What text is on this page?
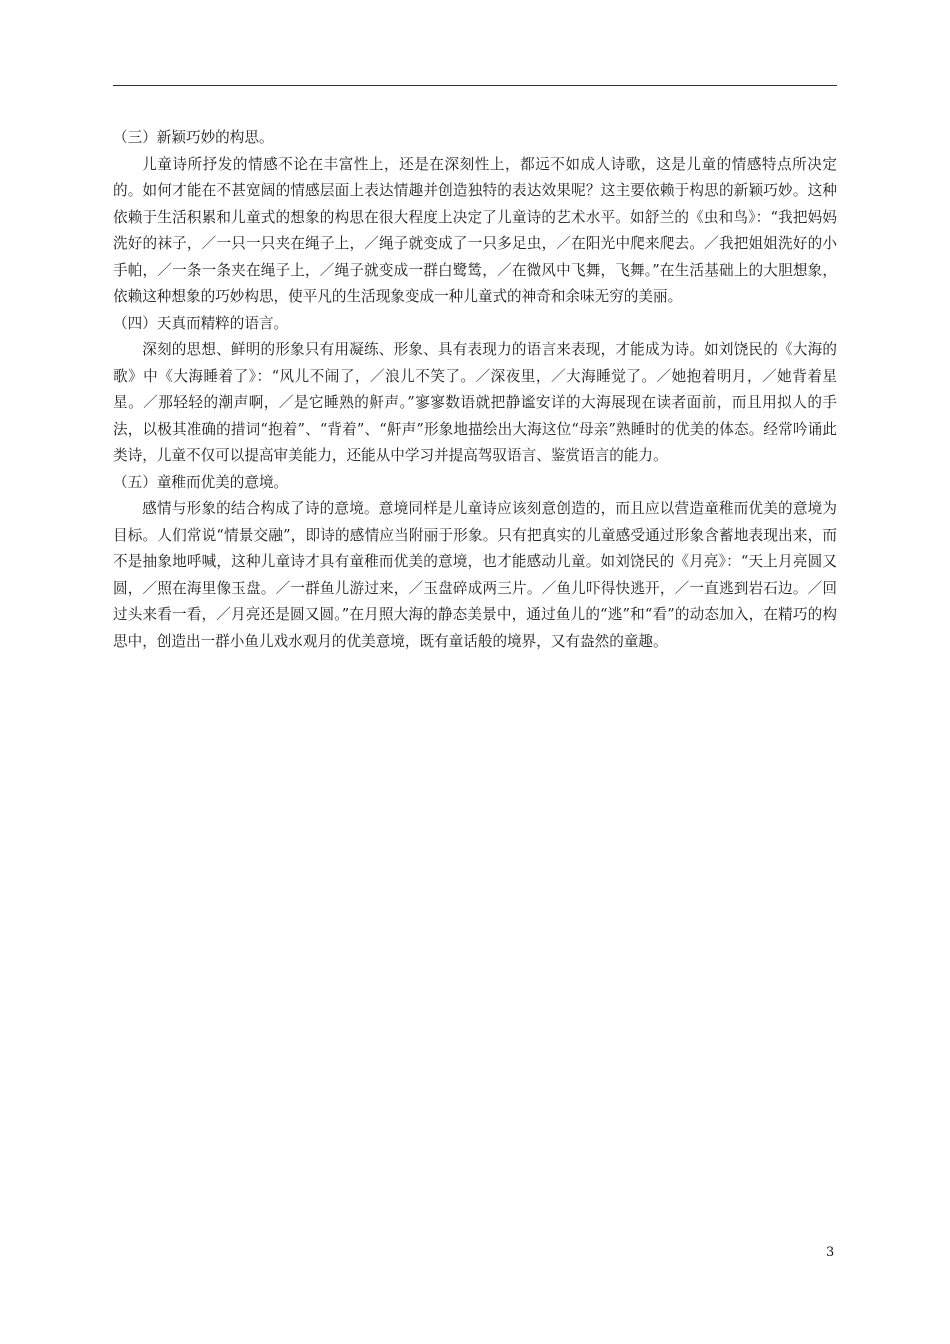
（三）新颖巧妙的构思。

儿童诗所抒发的情感不论在丰富性上，还是在深刻性上，都远不如成人诗歌，这是儿童的情感特点所决定的。如何才能在不甚宽阔的情感层面上表达情趣并创造独特的表达效果呢？这主要依赖于构思的新颖巧妙。这种依赖于生活积累和儿童式的想象的构思在很大程度上决定了儿童诗的艺术水平。如舒兰的《虫和鸟》：“我把妈妈洗好的袜子，／一只一只夹在绳子上，／绳子就变成了一只多足虫，／在阳光中爬来爬去。／我把姐姐洗好的小手帕，／一条一条夹在绳子上，／绳子就变成一群白鹭鸶，／在微风中飞舞，飞舞。”在生活基础上的大胆想象，依赖这种想象的巧妙构思，使平凡的生活现象变成一种儿童式的神奇和余味无穷的美丽。

（四）天真而精粹的语言。

深刻的思想、鲜明的形象只有用凝练、形象、具有表现力的语言来表现，才能成为诗。如刘饶民的《大海的歌》中《大海睡着了》：“风儿不闹了，／浪儿不笑了。／深夜里，／大海睡觉了。／她抱着明月，／她背着星星。／那轻轻的潮声啊，／是它睡熟的鼾声。”寥寥数语就把静谧安详的大海展现在读者面前，而且用拟人的手法，以极其准确的措词“抱着”、“背着”、“鼾声”形象地描绘出大海这位“母亲”熟睡时的优美的体态。经常吟诵此类诗，儿童不仅可以提高审美能力，还能从中学习并提高驾驭语言、鉴赏语言的能力。

（五）童稚而优美的意境。

感情与形象的结合构成了诗的意境。意境同样是儿童诗应该刻意创造的，而且应以营造童稚而优美的意境为目标。人们常说“情景交融”，即诗的感情应当附丽于形象。只有把真实的儿童感受通过形象含蓄地表现出来，而不是抽象地呼喊，这种儿童诗才具有童稚而优美的意境，也才能感动儿童。如刘饶民的《月亮》：“天上月亮圆又圆，／照在海里像玉盘。／一群鱼儿游过来，／玉盘碎成两三片。／鱼儿吓得快逃开，／一直逃到岩石边。／回过头来看一看，／月亮还是圆又圆。”在月照大海的静态美景中，通过鱼儿的“逃”和“看”的动态加入，在精巧的构思中，创造出一群小鱼儿戏水观月的优美意境，既有童话般的境界，又有盎然的童趣。

3
